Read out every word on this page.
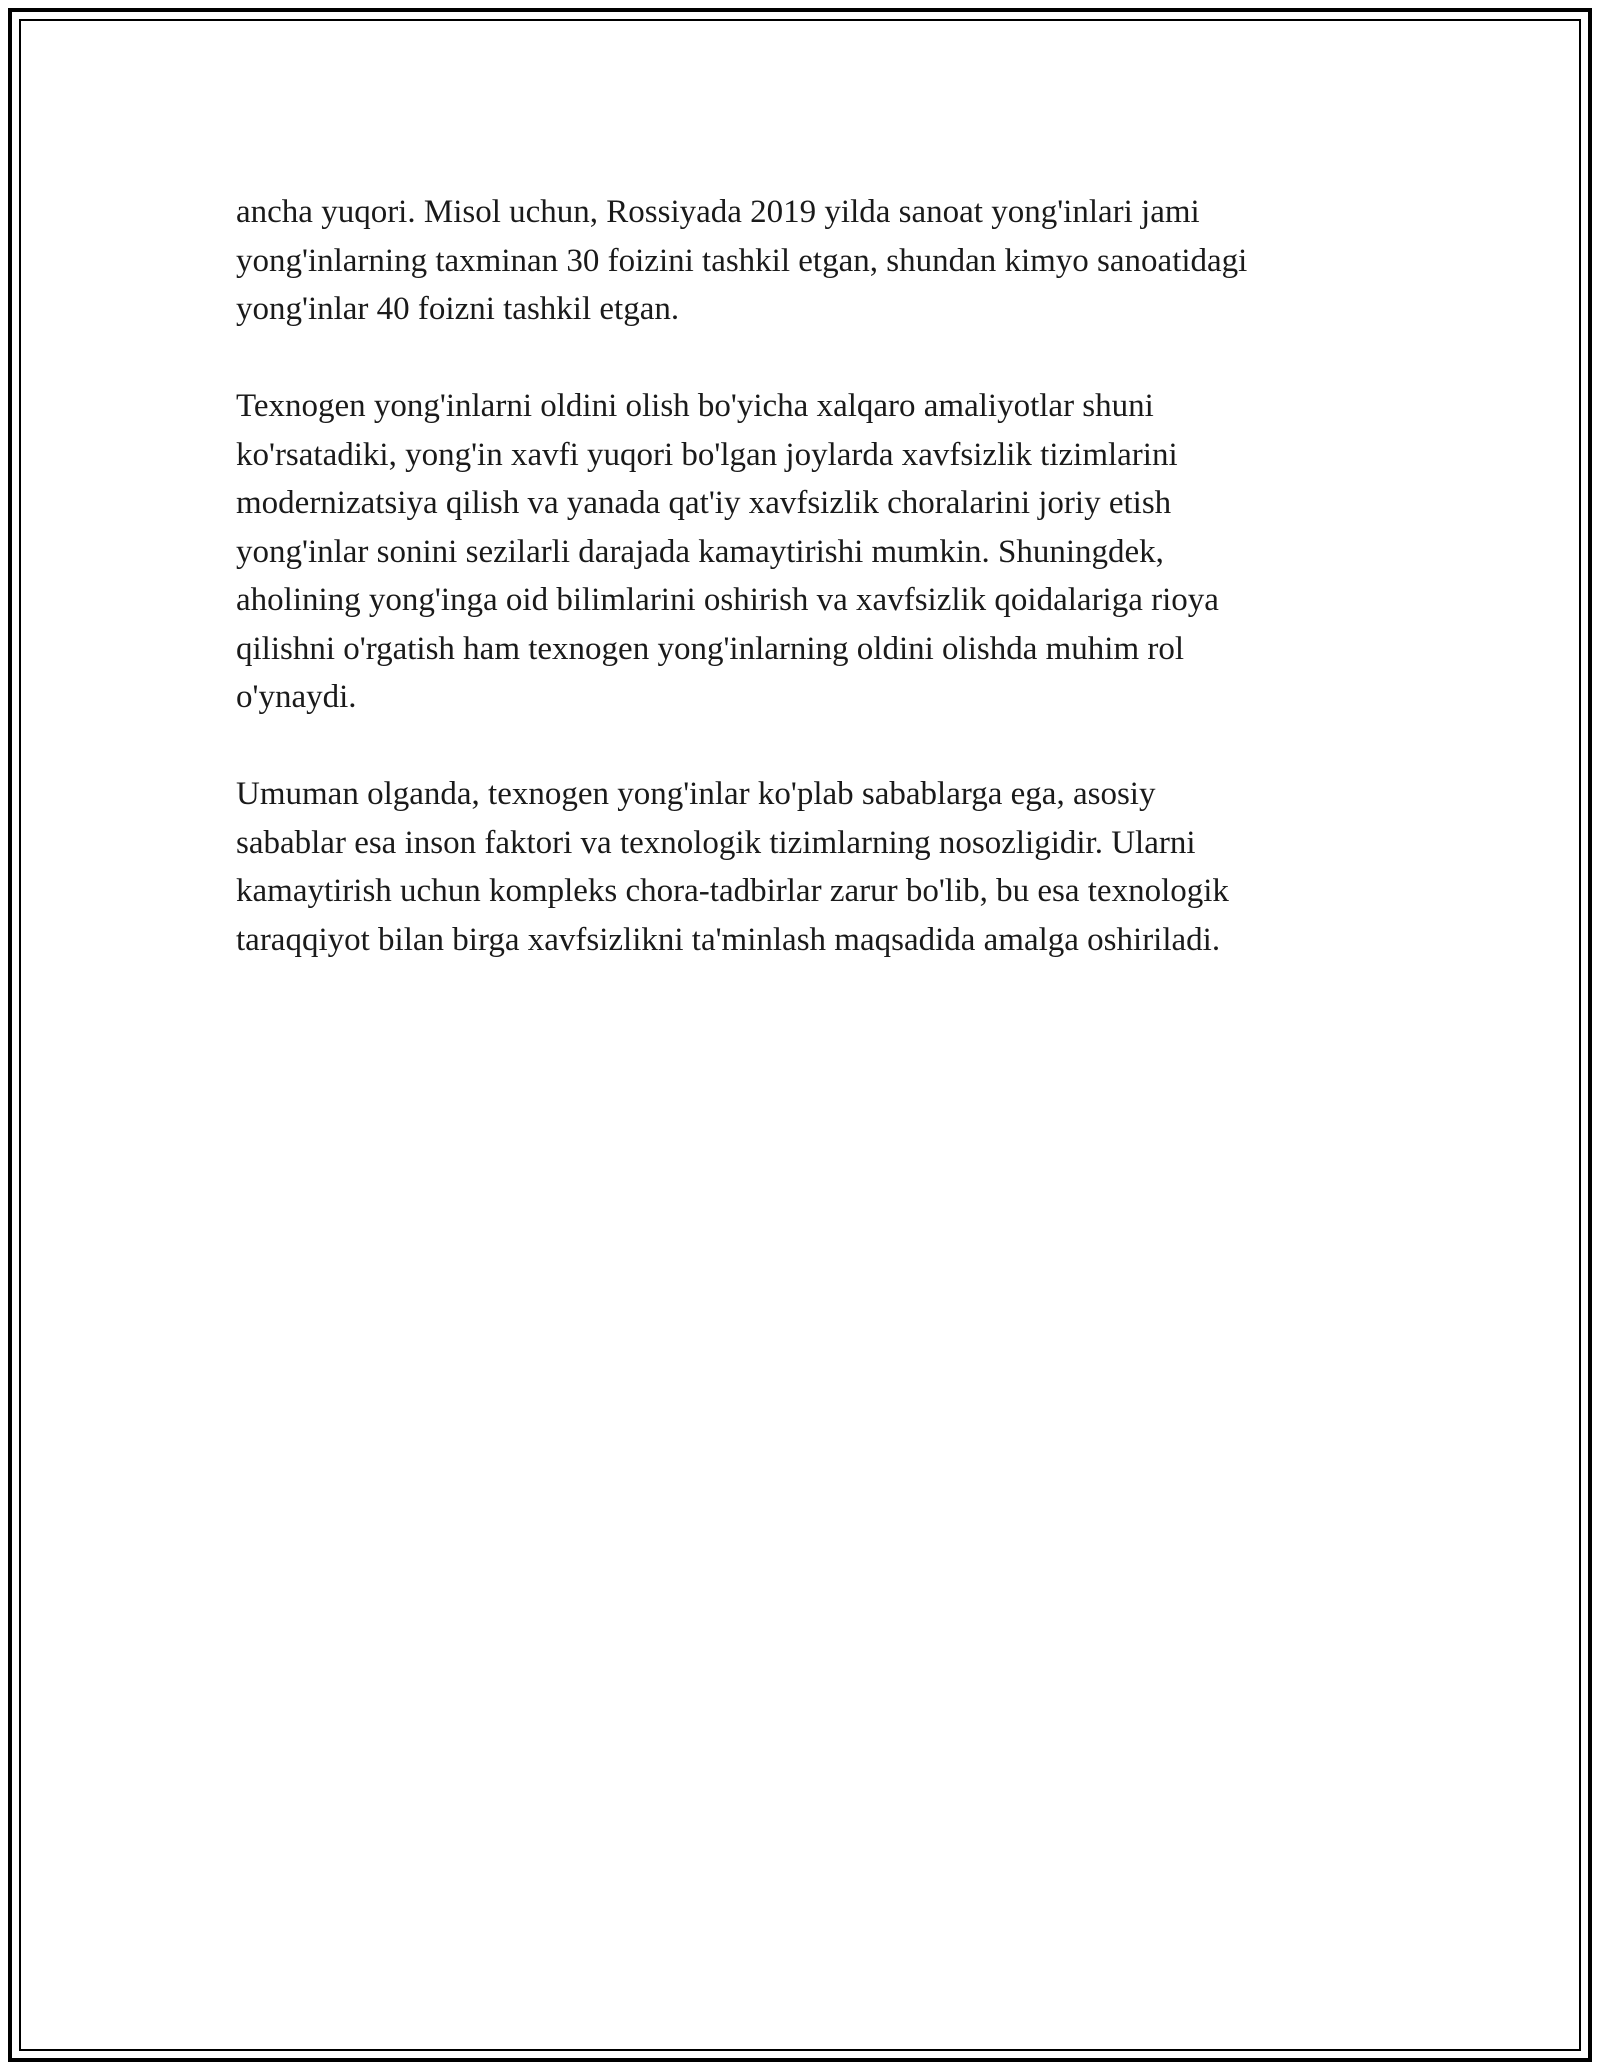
ancha yuqori. Misol uchun, Rossiyada 2019 yilda sanoat yong'inlari jami
yong'inlarning taxminan 30 foizini tashkil etgan, shundan kimyo sanoatidagi
yong'inlar 40 foizni tashkil etgan.

Texnogen yong'inlarni oldini olish bo'yicha xalqaro amaliyotlar shuni
ko'rsatadiki, yong'in xavfi yuqori bo'lgan joylarda xavfsizlik tizimlarini
modernizatsiya qilish va yanada qat'iy xavfsizlik choralarini joriy etish
yong'inlar sonini sezilarli darajada kamaytirishi mumkin. Shuningdek,
aholining yong'inga oid bilimlarini oshirish va xavfsizlik qoidalariga rioya
qilishni o'rgatish ham texnogen yong'inlarning oldini olishda muhim rol
o'ynaydi.

Umuman olganda, texnogen yong'inlar ko'plab sabablarga ega, asosiy
sabablar esa inson faktori va texnologik tizimlarning nosozligidir. Ularni
kamaytirish uchun kompleks chora-tadbirlar zarur bo'lib, bu esa texnologik
taraqqiyot bilan birga xavfsizlikni ta'minlash maqsadida amalga oshiriladi.
